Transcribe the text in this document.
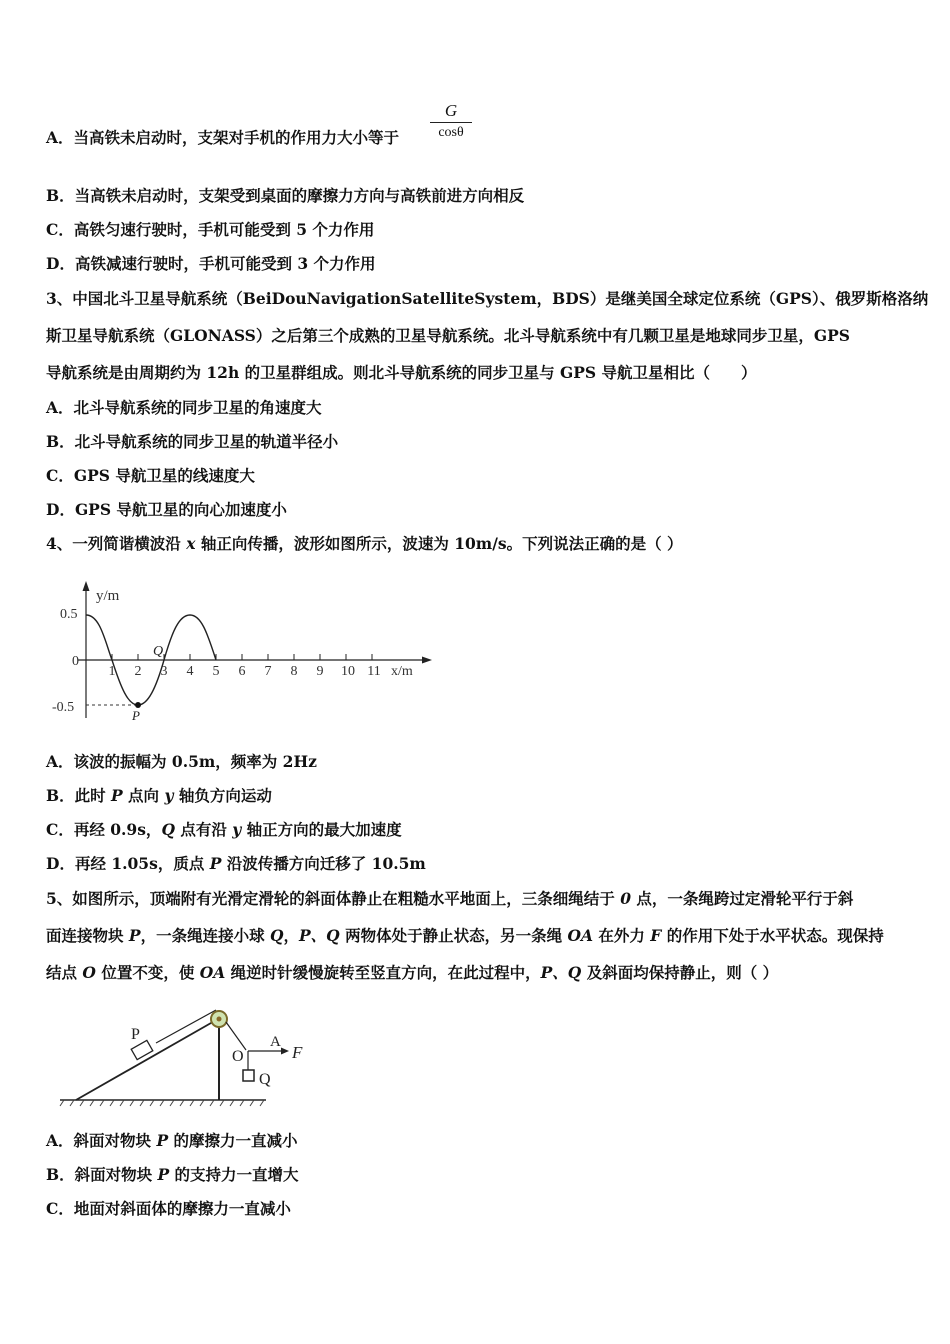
A．当高铁未启动时，支架对手机的作用力大小等于
G
cosθ
B．当高铁未启动时，支架受到桌面的摩擦力方向与高铁前进方向相反
C．高铁匀速行驶时，手机可能受到 5 个力作用
D．高铁减速行驶时，手机可能受到 3 个力作用
3、中国北斗卫星导航系统（BeiDouNavigationSatelliteSystem，BDS）是继美国全球定位系统（GPS）、俄罗斯格洛纳
斯卫星导航系统（GLONASS）之后第三个成熟的卫星导航系统。北斗导航系统中有几颗卫星是地球同步卫星，GPS
导航系统是由周期约为 12h 的卫星群组成。则北斗导航系统的同步卫星与 GPS 导航卫星相比（　　）
A．北斗导航系统的同步卫星的角速度大
B．北斗导航系统的同步卫星的轨道半径小
C．GPS 导航卫星的线速度大
D．GPS 导航卫星的向心加速度小
4、一列简谐横波沿 x 轴正向传播，波形如图所示，波速为 10m/s。下列说法正确的是（ ）
y/m
x/m
0.5
0
-0.5
1 2 3 4 5 6 7 8 9 10 11
P
Q
A．该波的振幅为 0.5m，频率为 2Hz
B．此时 P 点向 y 轴负方向运动
C．再经 0.9s，Q 点有沿 y 轴正方向的最大加速度
D．再经 1.05s，质点 P 沿波传播方向迁移了 10.5m
5、如图所示，顶端附有光滑定滑轮的斜面体静止在粗糙水平地面上，三条细绳结于 0 点，一条绳跨过定滑轮平行于斜
面连接物块 P，一条绳连接小球 Q，P、Q 两物体处于静止状态，另一条绳 OA 在外力 F 的作用下处于水平状态。现保持
结点 O 位置不变，使 OA 绳逆时针缓慢旋转至竖直方向，在此过程中，P、Q 及斜面均保持静止，则（ ）
P
O
A
F
Q
A．斜面对物块 P 的摩擦力一直减小
B．斜面对物块 P 的支持力一直增大
C．地面对斜面体的摩擦力一直减小
